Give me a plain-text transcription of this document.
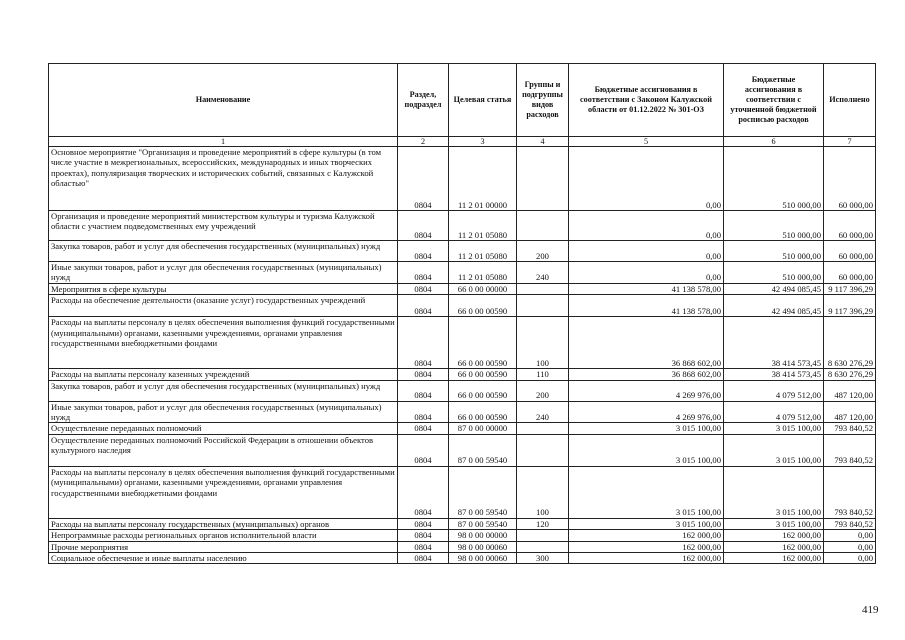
Наименование	Раздел, подраздел	Целевая статья	Группы и подгруппы видов расходов	Бюджетные ассигнования в соответствии с Законом Калужской области от 01.12.2022 № 301-ОЗ	Бюджетные ассигнования в соответствии с уточненной бюджетной росписью расходов	Исполнено
1	2	3	4	5	6	7
Основное мероприятие "Организация и проведение мероприятий в сфере культуры (в том числе участие в межрегиональных, всероссийских, международных и иных творческих проектах), популяризация творческих и исторических событий, связанных с Калужской областью"	0804	11 2 01 00000		0,00	510 000,00	60 000,00
Организация и проведение мероприятий министерством культуры и туризма Калужской области с участием подведомственных ему учреждений	0804	11 2 01 05080		0,00	510 000,00	60 000,00
Закупка товаров, работ и услуг для обеспечения государственных (муниципальных) нужд	0804	11 2 01 05080	200	0,00	510 000,00	60 000,00
Иные закупки товаров, работ и услуг для обеспечения государственных (муниципальных) нужд	0804	11 2 01 05080	240	0,00	510 000,00	60 000,00
Мероприятия в сфере культуры	0804	66 0 00 00000		41 138 578,00	42 494 085,45	9 117 396,29
Расходы на обеспечение деятельности (оказание услуг) государственных учреждений	0804	66 0 00 00590		41 138 578,00	42 494 085,45	9 117 396,29
Расходы на выплаты персоналу в целях обеспечения выполнения функций государственными (муниципальными) органами, казенными учреждениями, органами управления государственными внебюджетными фондами	0804	66 0 00 00590	100	36 868 602,00	38 414 573,45	8 630 276,29
Расходы на выплаты персоналу казенных учреждений	0804	66 0 00 00590	110	36 868 602,00	38 414 573,45	8 630 276,29
Закупка товаров, работ и услуг для обеспечения государственных (муниципальных) нужд	0804	66 0 00 00590	200	4 269 976,00	4 079 512,00	487 120,00
Иные закупки товаров, работ и услуг для обеспечения государственных (муниципальных) нужд	0804	66 0 00 00590	240	4 269 976,00	4 079 512,00	487 120,00
Осуществление переданных полномочий	0804	87 0 00 00000		3 015 100,00	3 015 100,00	793 840,52
Осуществление переданных полномочий Российской Федерации в отношении объектов культурного наследия	0804	87 0 00 59540		3 015 100,00	3 015 100,00	793 840,52
Расходы на выплаты персоналу в целях обеспечения выполнения функций государственными (муниципальными) органами, казенными учреждениями, органами управления государственными внебюджетными фондами	0804	87 0 00 59540	100	3 015 100,00	3 015 100,00	793 840,52
Расходы на выплаты персоналу государственных (муниципальных) органов	0804	87 0 00 59540	120	3 015 100,00	3 015 100,00	793 840,52
Непрограммные расходы региональных органов исполнительной власти	0804	98 0 00 00000		162 000,00	162 000,00	0,00
Прочие мероприятия	0804	98 0 00 00060		162 000,00	162 000,00	0,00
Социальное обеспечение и иные выплаты населению	0804	98 0 00 00060	300	162 000,00	162 000,00	0,00
419
